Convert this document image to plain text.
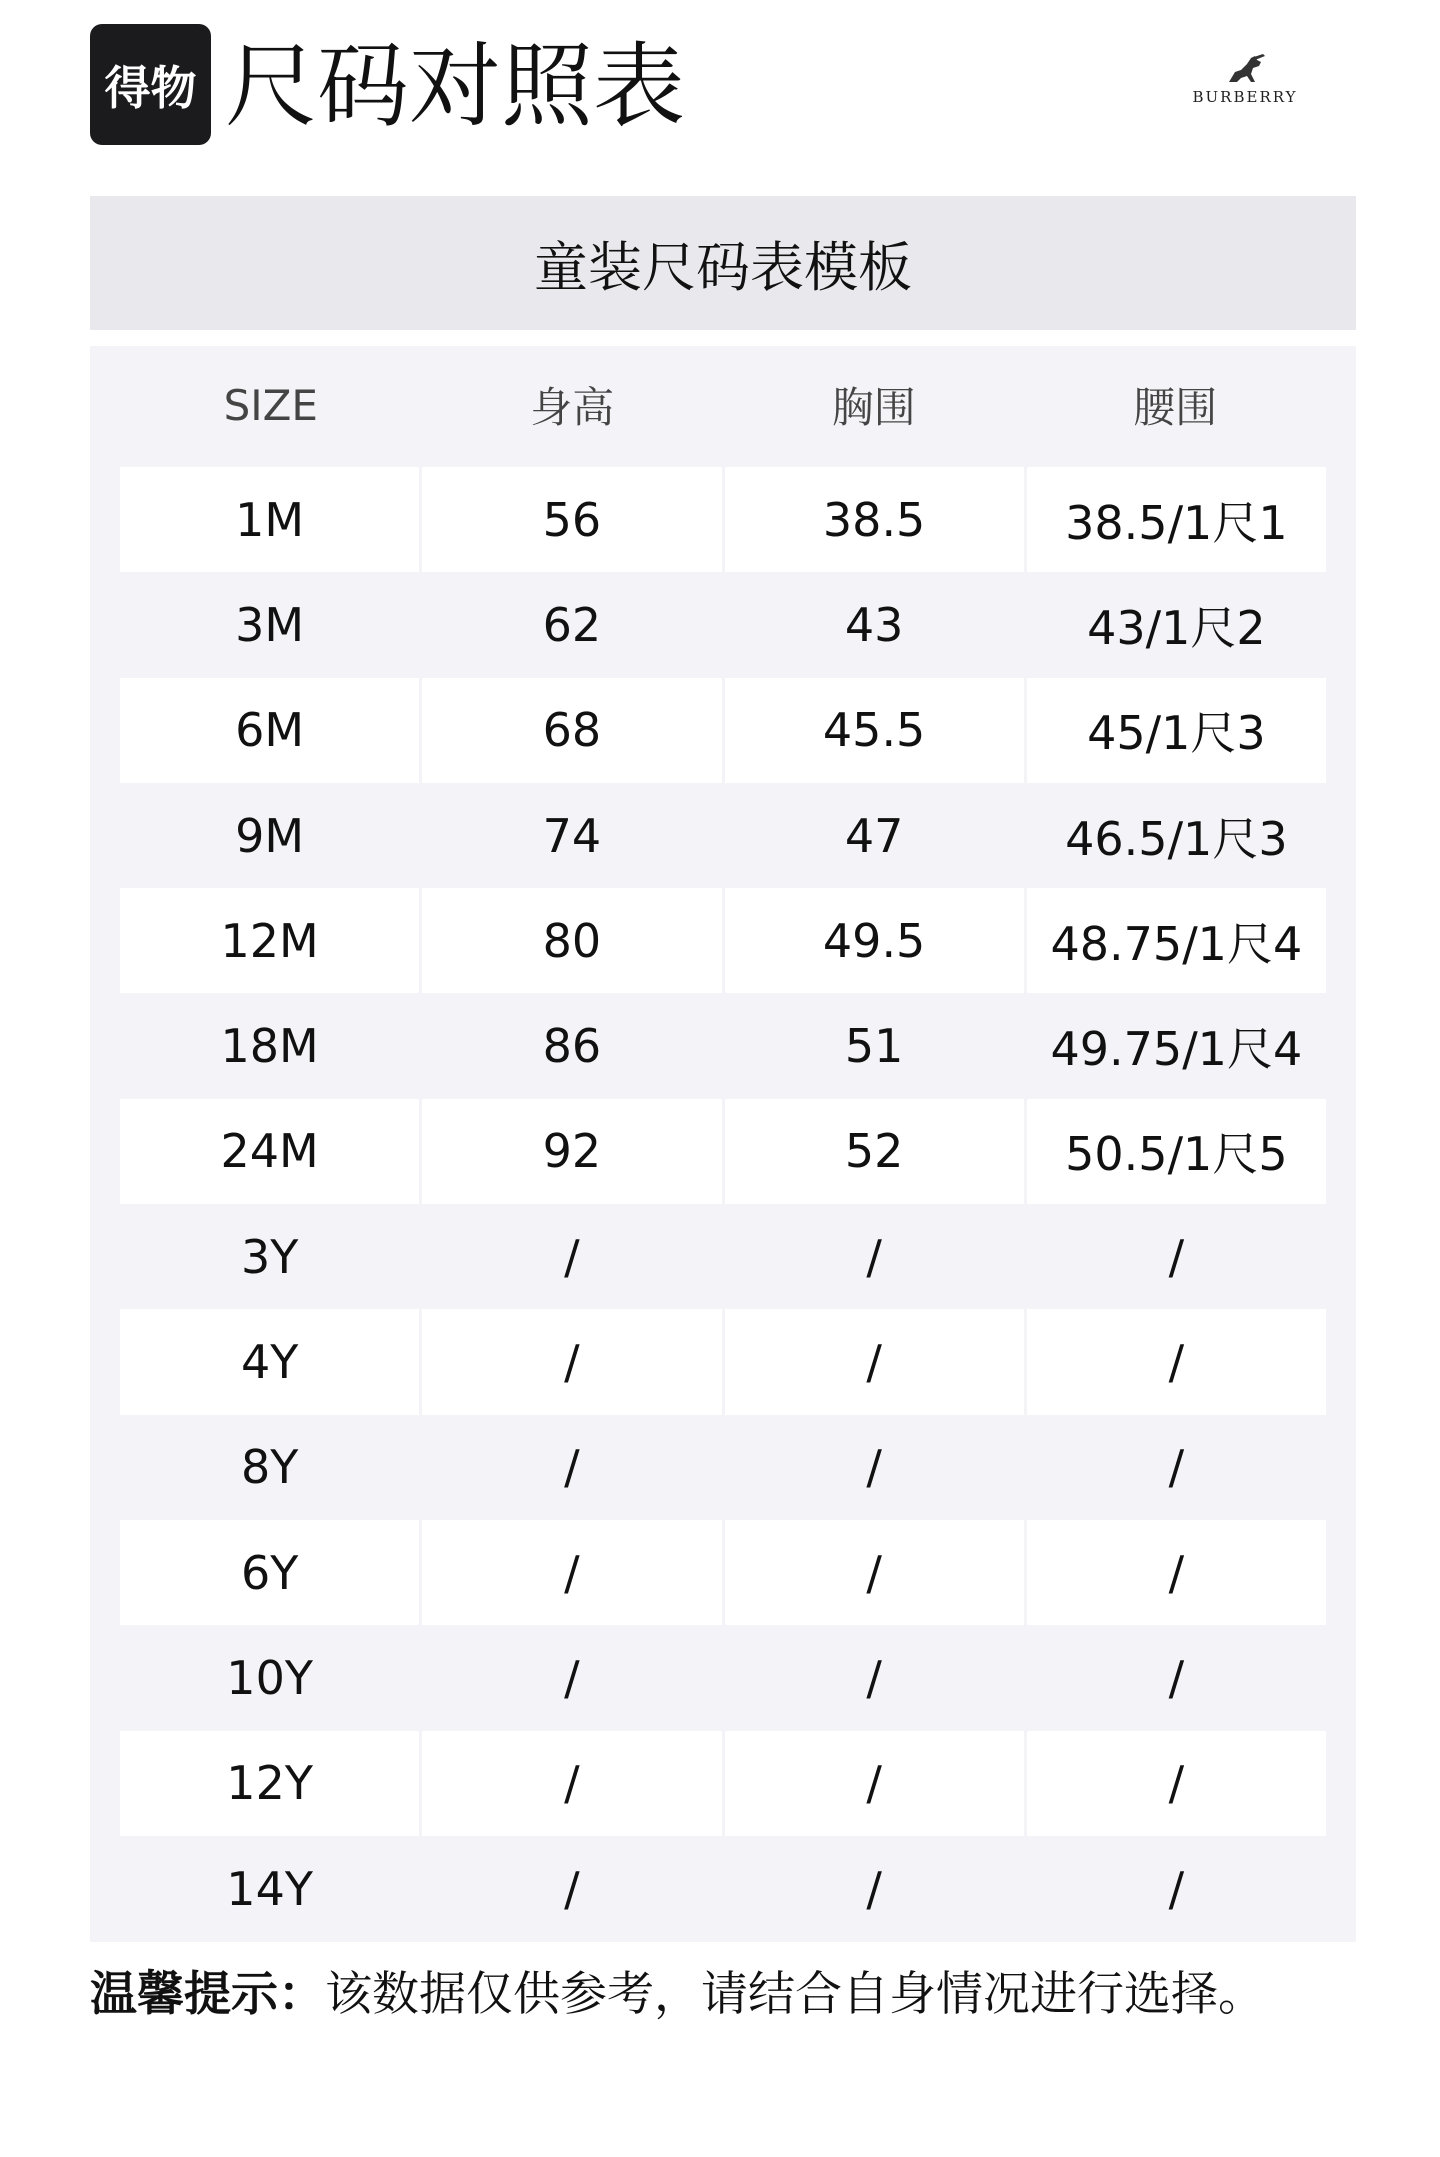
得物 尺码对照表	BURBERRY
童装尺码表模板
SIZE	身高	胸围	腰围
1M	56	38.5	38.5/1尺1
3M	62	43	43/1尺2
6M	68	45.5	45/1尺3
9M	74	47	46.5/1尺3
12M	80	49.5	48.75/1尺4
18M	86	51	49.75/1尺4
24M	92	52	50.5/1尺5
3Y	/	/	/
4Y	/	/	/
8Y	/	/	/
6Y	/	/	/
10Y	/	/	/
12Y	/	/	/
14Y	/	/	/
温馨提示：该数据仅供参考，请结合自身情况进行选择。
